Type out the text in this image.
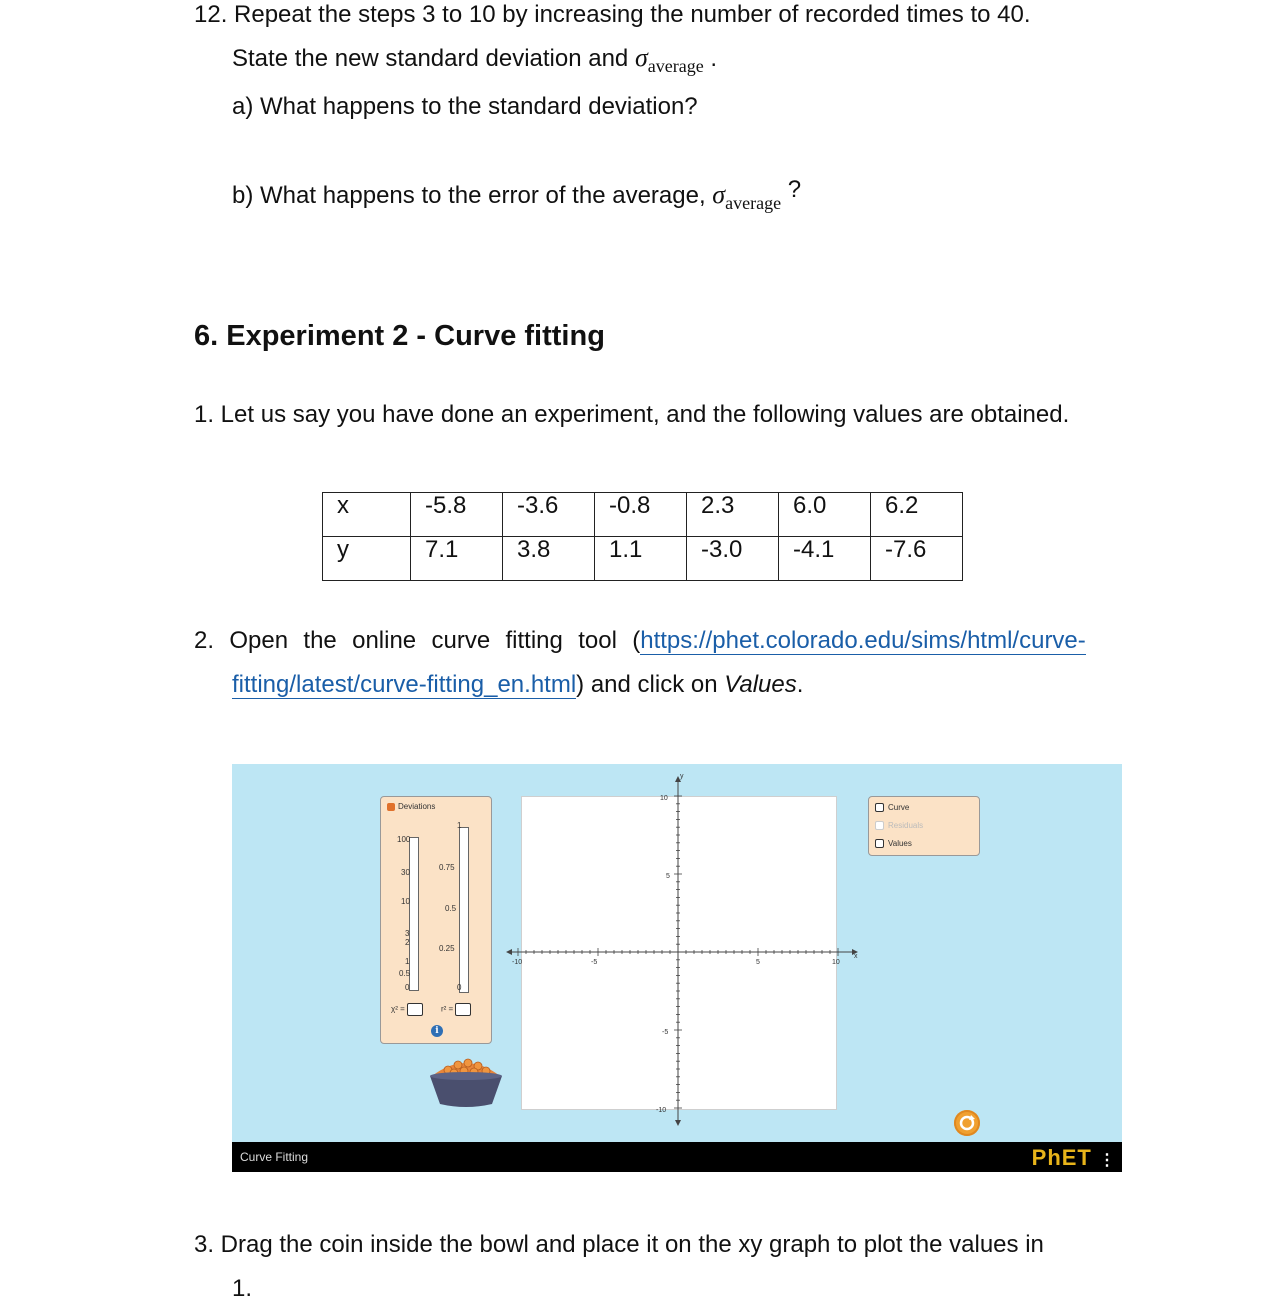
12. Repeat the steps 3 to 10 by increasing the number of recorded times to 40.
State the new standard deviation and $\sigma_{average}$ .
a) What happens to the standard deviation?
b) What happens to the error of the average, $\sigma_{average}$ ?
6. Experiment 2 - Curve fitting
1. Let us say you have done an experiment, and the following values are obtained.
x	-5.8	-3.6	-0.8	2.3	6.0	6.2
y	7.1	3.8	1.1	-3.0	-4.1	-7.6
2.  Open  the  online  curve  fitting  tool  (https://phet.colorado.edu/sims/html/curve-
fitting/latest/curve-fitting_en.html) and click on Values.
Deviations
100
30
10
3
2
1
0.5
0
1
0.75
0.5
0.25
0
χ² =	r² =
i
x
y
-10	-5	5	10
10
5
-5
-10
Curve
Residuals
Values
Curve Fitting	PhET ⋮
3. Drag the coin inside the bowl and place it on the xy graph to plot the values in
1.
